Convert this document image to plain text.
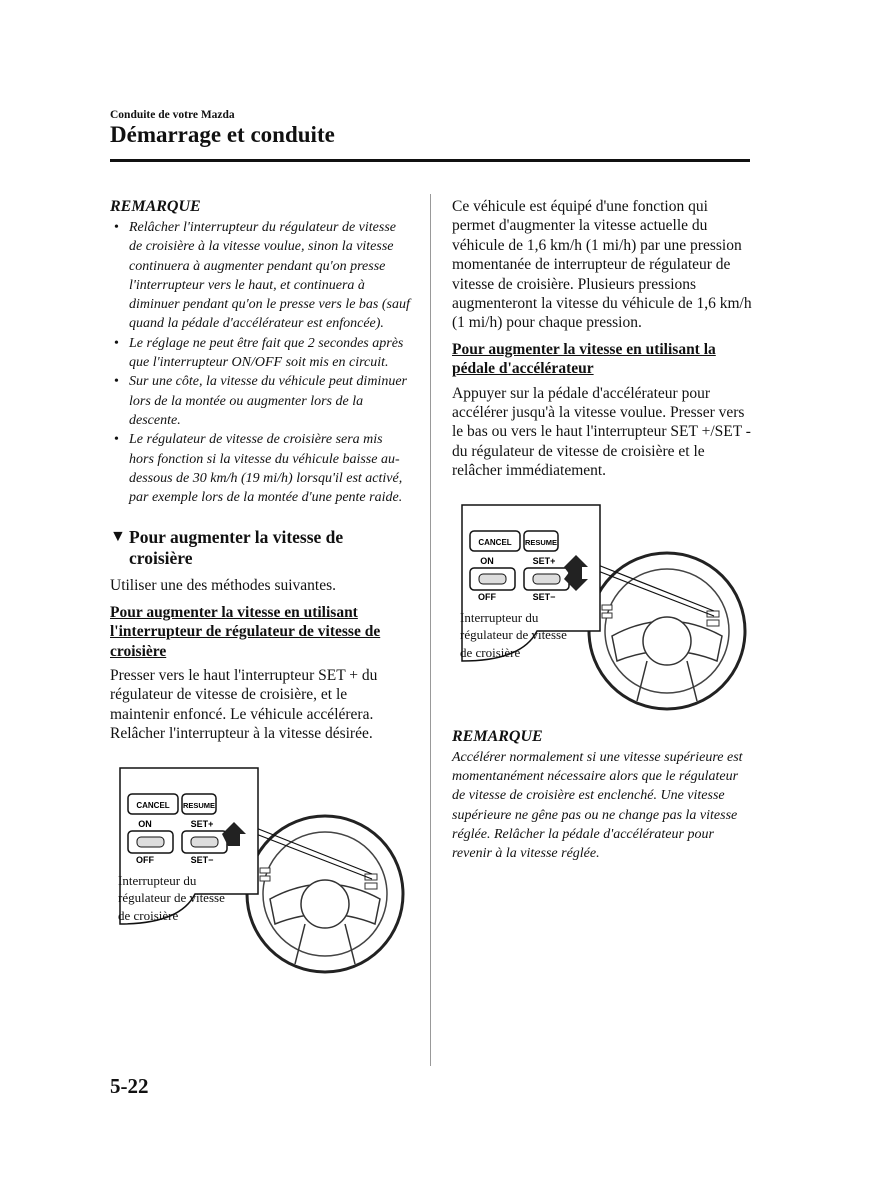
Conduite de votre Mazda
Démarrage et conduite
REMARQUE
• Relâcher l'interrupteur du régulateur de vitesse de croisière à la vitesse voulue, sinon la vitesse continuera à augmenter pendant qu'on presse l'interrupteur vers le haut, et continuera à diminuer pendant qu'on le presse vers le bas (sauf quand la pédale d'accélérateur est enfoncée).
• Le réglage ne peut être fait que 2 secondes après que l'interrupteur ON/OFF soit mis en circuit.
• Sur une côte, la vitesse du véhicule peut diminuer lors de la montée ou augmenter lors de la descente.
• Le régulateur de vitesse de croisière sera mis hors fonction si la vitesse du véhicule baisse au-dessous de 30 km/h (19 mi/h) lorsqu'il est activé, par exemple lors de la montée d'une pente raide.
▼ Pour augmenter la vitesse de croisière

Utiliser une des méthodes suivantes.

Pour augmenter la vitesse en utilisant l'interrupteur de régulateur de vitesse de croisière

Presser vers le haut l'interrupteur SET + du régulateur de vitesse de croisière, et le maintenir enfoncé. Le véhicule accélérera. Relâcher l'interrupteur à la vitesse désirée.

CANCEL RESUME
ON	SET+
OFF	SET−
Interrupteur du
régulateur de vitesse
de croisière

Ce véhicule est équipé d'une fonction qui permet d'augmenter la vitesse actuelle du véhicule de 1,6 km/h (1 mi/h) par une pression momentanée de interrupteur de régulateur de vitesse de croisière. Plusieurs pressions augmenteront la vitesse du véhicule de 1,6 km/h (1 mi/h) pour chaque pression.

Pour augmenter la vitesse en utilisant la pédale d'accélérateur

Appuyer sur la pédale d'accélérateur pour accélérer jusqu'à la vitesse voulue. Presser vers le bas ou vers le haut l'interrupteur SET +/SET - du régulateur de vitesse de croisière et le relâcher immédiatement.

CANCEL RESUME
ON	SET+
OFF	SET−
Interrupteur du
régulateur de vitesse
de croisière
REMARQUE

Accélérer normalement si une vitesse supérieure est momentanément nécessaire alors que le régulateur de vitesse de croisière est enclenché. Une vitesse supérieure ne gêne pas ou ne change pas la vitesse réglée. Relâcher la pédale d'accélérateur pour revenir à la vitesse réglée.

5-22
